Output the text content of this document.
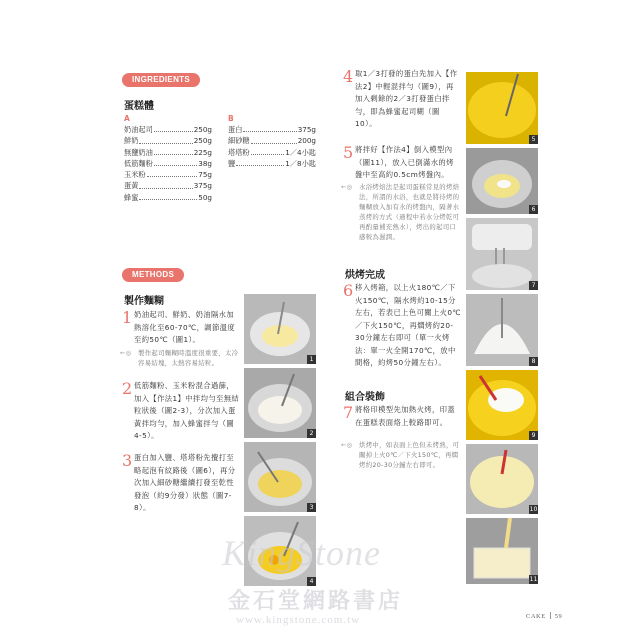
INGREDIENTS
蛋糕體
A
奶油起司	250g
鮮奶	250g
無鹽奶油	225g
低筋麵粉	38g
玉米粉	75g
蛋黃	375g
蜂蜜	50g
B
蛋白	375g
細砂糖	200g
塔塔粉	1／4小匙
鹽	1／8小匙
METHODS
製作麵糊
1 奶油起司、鮮奶、奶油隔水加熱溶化至60-70℃，調節溫度至約50℃（圖1）。
←◎	製作起司麵糊時溫度很重要，太冷容易結塊，太熱容易結粒。
2 低筋麵粉、玉米粉混合過篩，加入【作法1】中拌均勻至無結粒狀後（圖2-3），分次加入蛋黃拌均勻，加入蜂蜜拌勻（圖4-5）。
3 蛋白加入鹽、塔塔粉先攪打至略起泡有紋路後（圖6），再分次加入細砂糖繼續打發至乾性發泡（約9分發）狀態（圖7-8）。
1
2
3
4
4 取1／3打發的蛋白先加入【作法2】中輕混拌勻（圖9），再加入剩餘的2／3打發蛋白拌勻，即為蜂蜜起司糊（圖10）。
5 將拌好【作法4】倒入模型內（圖11），放入已倒滿水的烤盤中至高約0.5cm烤盤內。
←◎	水浴烤焙法是起司蛋糕常見的烤焙法，所謂的水浴，也就是將待烤的麵糊放入加有水的烤盤內，隔著水蒸烤的方式（過程中若水分烤乾可再酌量補充熱水），烤出的起司口感較為濕潤。
烘烤完成
6 移入烤箱，以上火180℃／下火150℃，隔水烤約10-15分左右，若表已上色可關上火0℃／下火150℃，再燜烤約20-30分鐘左右即可（單一火烤法：單一火全開170℃，放中間格，約烤50分鐘左右）。
組合裝飾
7 將格印模型先加熱火烤，印蓋在蛋糕表面烙上較路即可。
←◎	烘烤中，如表面上色但未烤熟，可關掉上火0℃／下火150℃，再燜烤約20-30分鐘左右即可。
5
6
7
8
9
10
11
KingStone
金石堂網路書店
www.kingstone.com.tw	CAKE 59
